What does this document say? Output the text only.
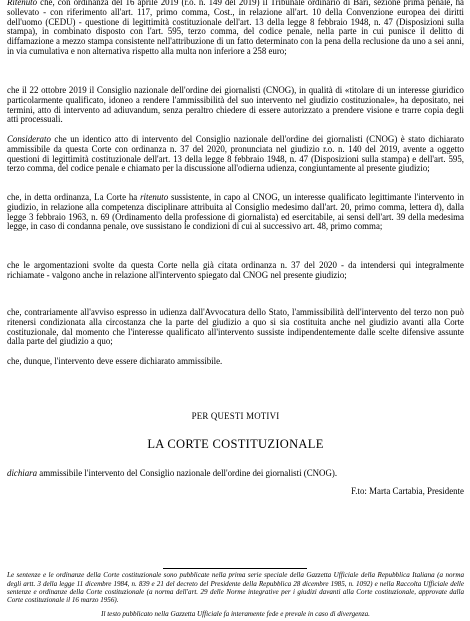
Ritenuto che, con ordinanza del 16 aprile 2019 (r.o. n. 149 del 2019) il Tribunale ordinario di Bari, sezione prima penale, ha sollevato - con riferimento all'art. 117, primo comma, Cost., in relazione all'art. 10 della Convenzione europea dei diritti dell'uomo (CEDU) - questione di legittimità costituzionale dell'art. 13 della legge 8 febbraio 1948, n. 47 (Disposizioni sulla stampa), in combinato disposto con l'art. 595, terzo comma, del codice penale, nella parte in cui punisce il delitto di diffamazione a mezzo stampa consistente nell'attribuzione di un fatto determinato con la pena della reclusione da uno a sei anni, in via cumulativa e non alternativa rispetto alla multa non inferiore a 258 euro;

che il 22 ottobre 2019 il Consiglio nazionale dell'ordine dei giornalisti (CNOG), in qualità di «titolare di un interesse giuridico particolarmente qualificato, idoneo a rendere l'ammissibilità del suo intervento nel giudizio costituzionale», ha depositato, nei termini, atto di intervento ad adiuvandum, senza peraltro chiedere di essere autorizzato a prendere visione e trarre copia degli atti processuali.

Considerato che un identico atto di intervento del Consiglio nazionale dell'ordine dei giornalisti (CNOG) è stato dichiarato ammissibile da questa Corte con ordinanza n. 37 del 2020, pronunciata nel giudizio r.o. n. 140 del 2019, avente a oggetto questioni di legittimità costituzionale dell'art. 13 della legge 8 febbraio 1948, n. 47 (Disposizioni sulla stampa) e dell'art. 595, terzo comma, del codice penale e chiamato per la discussione all'odierna udienza, congiuntamente al presente giudizio;

che, in detta ordinanza, La Corte ha ritenuto sussistente, in capo al CNOG, un interesse qualificato legittimante l'intervento in giudizio, in relazione alla competenza disciplinare attribuita al Consiglio medesimo dall'art. 20, primo comma, lettera d), dalla legge 3 febbraio 1963, n. 69 (Ordinamento della professione di giornalista) ed esercitabile, ai sensi dell'art. 39 della medesima legge, in caso di condanna penale, ove sussistano le condizioni di cui al successivo art. 48, primo comma;

che le argomentazioni svolte da questa Corte nella già citata ordinanza n. 37 del 2020 - da intendersi qui integralmente richiamate - valgono anche in relazione all'intervento spiegato dal CNOG nel presente giudizio;

che, contrariamente all'avviso espresso in udienza dall'Avvocatura dello Stato, l'ammissibilità dell'intervento del terzo non può ritenersi condizionata alla circostanza che la parte del giudizio a quo si sia costituita anche nel giudizio avanti alla Corte costituzionale, dal momento che l'interesse qualificato all'intervento sussiste indipendentemente dalle scelte difensive assunte dalla parte del giudizio a quo;

che, dunque, l'intervento deve essere dichiarato ammissibile.

PER QUESTI MOTIVI

LA CORTE COSTITUZIONALE

dichiara ammissibile l'intervento del Consiglio nazionale dell'ordine dei giornalisti (CNOG).

F.to: Marta Cartabia, Presidente

Le sentenze e le ordinanze della Corte costituzionale sono pubblicate nella prima serie speciale della Gazzetta Ufficiale della Repubblica Italiana (a norma degli artt. 3 della legge 11 dicembre 1984, n. 839 e 21 del decreto del Presidente della Repubblica 28 dicembre 1985, n. 1092) e nella Raccolta Ufficiale delle sentenze e ordinanze della Corte costituzionale (a norma dell'art. 29 delle Norme integrative per i giudizi davanti alla Corte costituzionale, approvate dalla Corte costituzionale il 16 marzo 1956).

Il testo pubblicato nella Gazzetta Ufficiale fa interamente fede e prevale in caso di divergenza.
